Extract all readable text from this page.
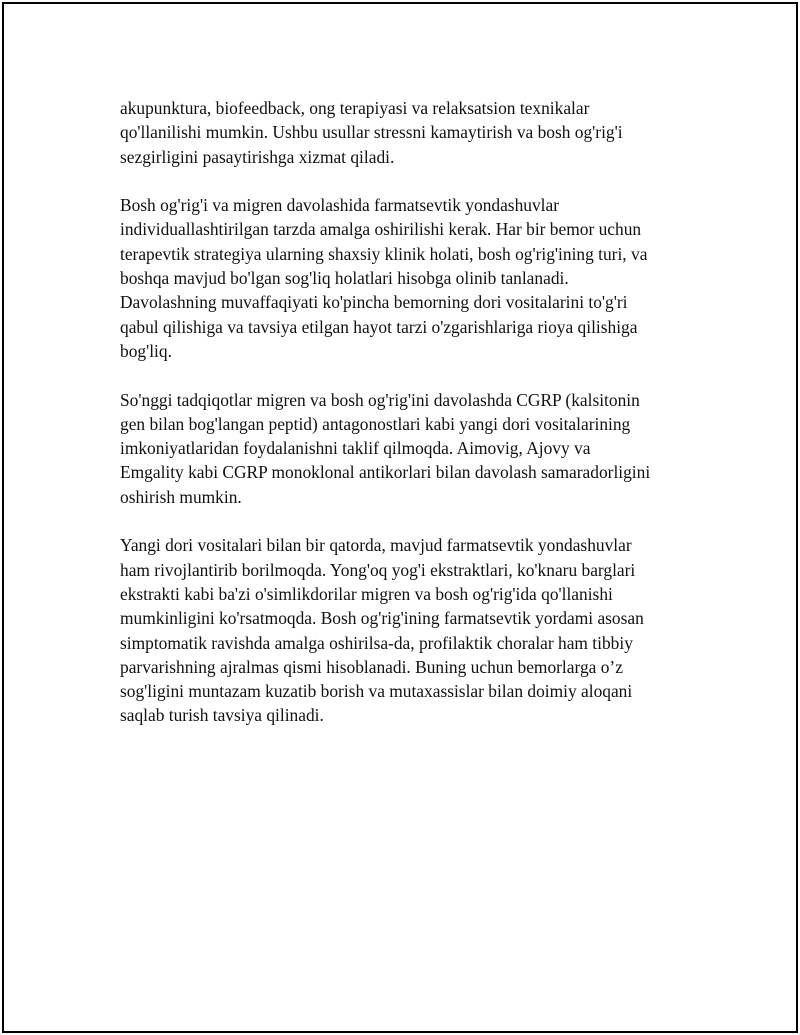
akupunktura, biofeedback, ong terapiyasi va relaksatsion texnikalar
qo'llanilishi mumkin. Ushbu usullar stressni kamaytirish va bosh og'rig'i
sezgirligini pasaytirishga xizmat qiladi.

Bosh og'rig'i va migren davolashida farmatsevtik yondashuvlar
individuallashtirilgan tarzda amalga oshirilishi kerak. Har bir bemor uchun
terapevtik strategiya ularning shaxsiy klinik holati, bosh og'rig'ining turi, va
boshqa mavjud bo'lgan sog'liq holatlari hisobga olinib tanlanadi.
Davolashning muvaffaqiyati ko'pincha bemorning dori vositalarini to'g'ri
qabul qilishiga va tavsiya etilgan hayot tarzi o'zgarishlariga rioya qilishiga
bog'liq.

So'nggi tadqiqotlar migren va bosh og'rig'ini davolashda CGRP (kalsitonin
gen bilan bog'langan peptid) antagonostlari kabi yangi dori vositalarining
imkoniyatlaridan foydalanishni taklif qilmoqda. Aimovig, Ajovy va
Emgality kabi CGRP monoklonal antikorlari bilan davolash samaradorligini
oshirish mumkin.

Yangi dori vositalari bilan bir qatorda, mavjud farmatsevtik yondashuvlar
ham rivojlantirib borilmoqda. Yong'oq yog'i ekstraktlari, ko'knaru barglari
ekstrakti kabi ba'zi o'simlikdorilar migren va bosh og'rig'ida qo'llanishi
mumkinligini ko'rsatmoqda. Bosh og'rig'ining farmatsevtik yordami asosan
simptomatik ravishda amalga oshirilsa-da, profilaktik choralar ham tibbiy
parvarishning ajralmas qismi hisoblanadi. Buning uchun bemorlarga o’z
sog'ligini muntazam kuzatib borish va mutaxassislar bilan doimiy aloqani
saqlab turish tavsiya qilinadi.
